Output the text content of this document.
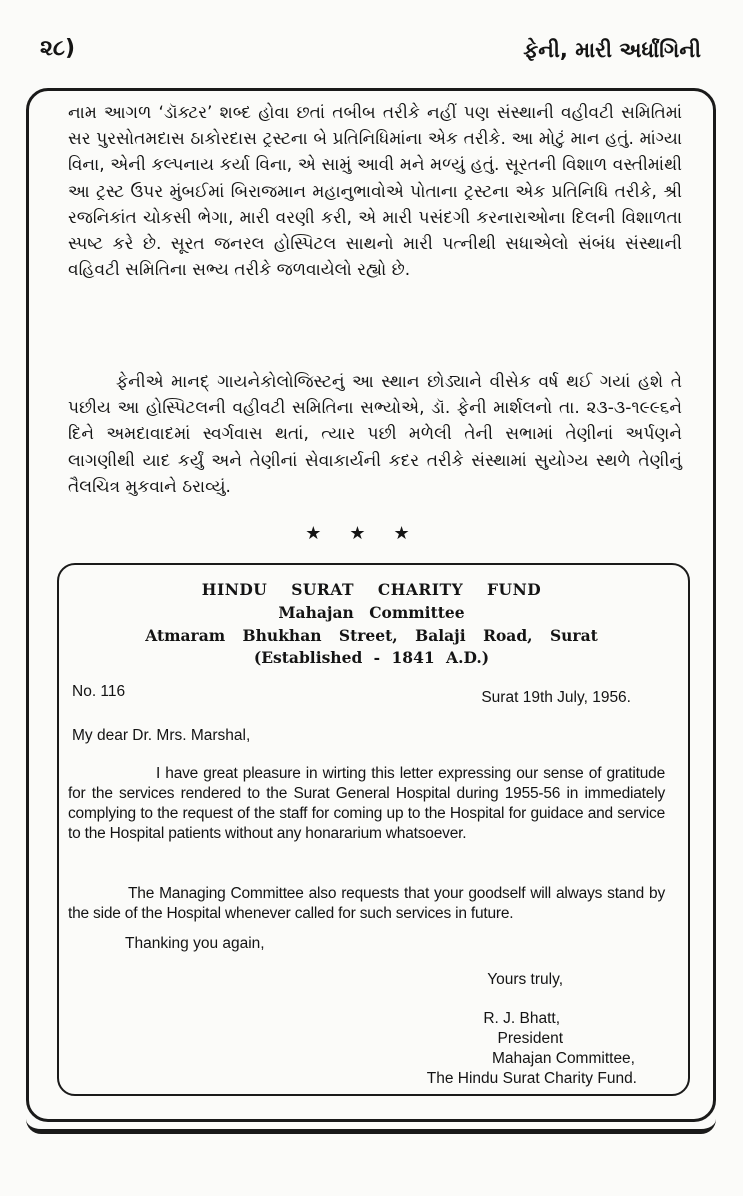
૨૮)	ફેની, મારી અર્ધાંગિની
નામ આગળ ‘ડૉક્ટર’ શબ્દ હોવા છતાં તબીબ તરીકે નહીં પણ સંસ્થાની વહીવટી સમિતિમાં સર પુરસોતમદાસ ઠાકોરદાસ ટ્રસ્ટના બે પ્રતિનિધિમાંના એક તરીકે. આ મોટું માન હતું. માંગ્યા વિના, એની કલ્પનાય કર્યા વિના, એ સામું આવી મને મળ્યું હતું. સૂરતની વિશાળ વસ્તીમાંથી આ ટ્રસ્ટ ઉપર મુંબઈમાં બિરાજમાન મહાનુભાવોએ પોતાના ટ્રસ્ટના એક પ્રતિનિધિ તરીકે, શ્રી રજનિકાંત ચોકસી ભેગા, મારી વરણી કરી, એ મારી પસંદગી કરનારાઓના દિલની વિશાળતા સ્પષ્ટ કરે છે. સૂરત જનરલ હોસ્પિટલ સાથનો મારી પત્નીથી સધાએલો સંબંધ સંસ્થાની વહિવટી સમિતિના સભ્ય તરીકે જળવાયેલો રહ્યો છે.
ફેનીએ માનદ્ ગાયનેકોલોજિસ્ટનું આ સ્થાન છોડ્યાને વીસેક વર્ષ થઈ ગયાં હશે તે પછીય આ હોસ્પિટલની વહીવટી સમિતિના સભ્યોએ, ડૉ. ફેની માર્શલનો તા. ૨૩-૩-૧૯૯૬ને દિને અમદાવાદમાં સ્વર્ગવાસ થતાં, ત્યાર પછી મળેલી તેની સભામાં તેણીનાં અર્પણને લાગણીથી યાદ કર્યું અને તેણીનાં સેવાકાર્યની કદર તરીકે સંસ્થામાં સુયોગ્ય સ્થળે તેણીનું તૈલચિત્ર મુકવાને ઠરાવ્યું.
★★★
HINDU SURAT CHARITY FUND
Mahajan Committee
Atmaram Bhukhan Street, Balaji Road, Surat
(Established - 1841 A.D.)
No. 116	Surat 19th July, 1956.
My dear Dr. Mrs. Marshal,
I have great pleasure in wirting this letter expressing our sense of gratitude for the services rendered to the Surat General Hospital during 1955-56 in immediately complying to the request of the staff for coming up to the Hospital for guidace and service to the Hospital patients without any honararium whatsoever.
The Managing Committee also requests that your goodself will always stand by the side of the Hospital whenever called for such services in future.
Thanking you again,
Yours truly,
R. J. Bhatt,
President
Mahajan Committee,
The Hindu Surat Charity Fund.
